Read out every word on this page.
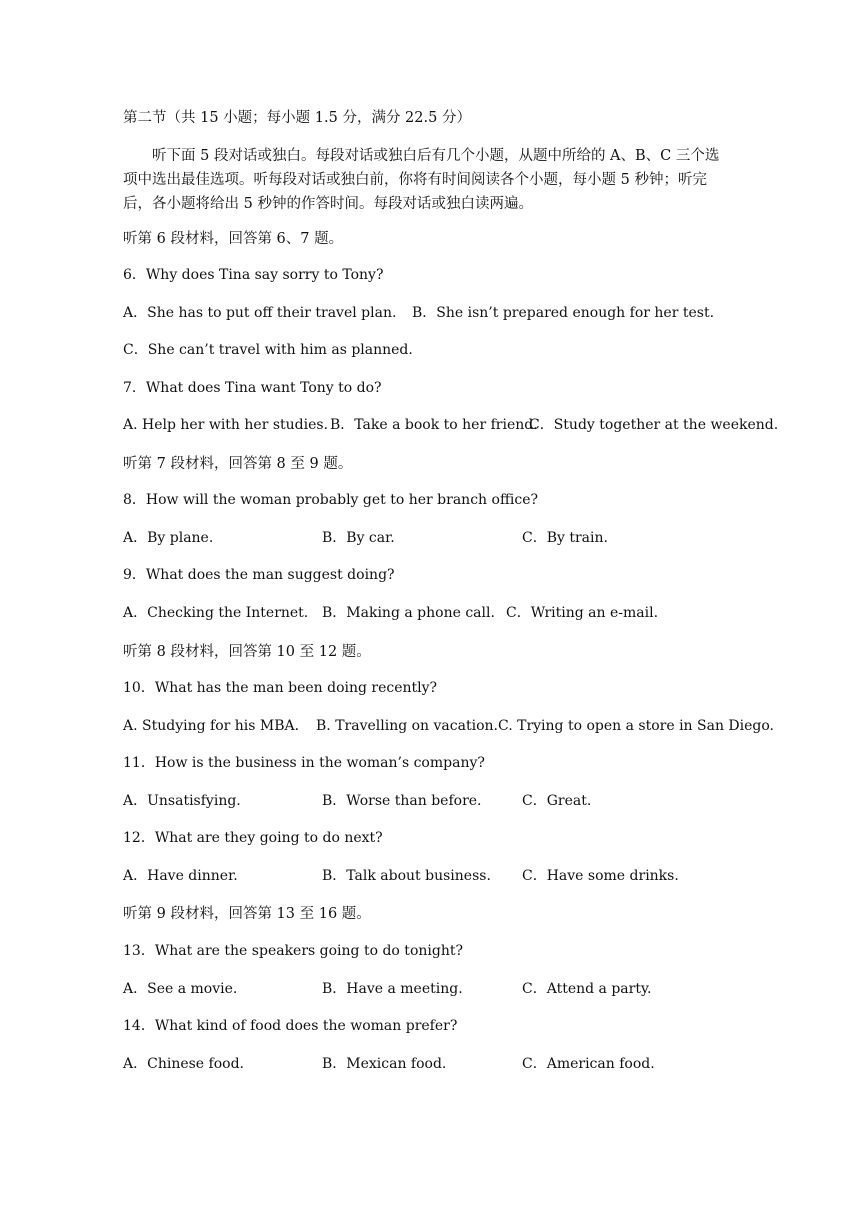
第二节（共 15 小题；每小题 1.5 分，满分 22.5 分）
听下面 5 段对话或独白。每段对话或独白后有几个小题，从题中所给的 A、B、C 三个选
项中选出最佳选项。听每段对话或独白前，你将有时间阅读各个小题，每小题 5 秒钟；听完
后，各小题将给出 5 秒钟的作答时间。每段对话或独白读两遍。
听第 6 段材料，回答第 6、7 题。
6．Why does Tina say sorry to Tony?
A．She has to put off their travel plan. B．She isn’t prepared enough for her test.
C．She can’t travel with him as planned.
7．What does Tina want Tony to do?
A. Help her with her studies. B．Take a book to her friend.
C．Study together at the weekend.
听第 7 段材料，回答第 8 至 9 题。
8．How will the woman probably get to her branch office?
A．By plane.	B．By car.	C．By train.
9．What does the man suggest doing?
A．Checking the Internet. B．Making a phone call. C．Writing an e-mail.
听第 8 段材料，回答第 10 至 12 题。
10．What has the man been doing recently?
A. Studying for his MBA． B. Travelling on vacation. C. Trying to open a store in San Diego.
11．How is the business in the woman’s company?
A．Unsatisfying.	B．Worse than before.	C．Great.
12．What are they going to do next?
A．Have dinner.	B．Talk about business. C．Have some drinks.
听第 9 段材料，回答第 13 至 16 题。
13．What are the speakers going to do tonight?
A．See a movie.	B．Have a meeting.	C．Attend a party.
14．What kind of food does the woman prefer?
A．Chinese food.	B．Mexican food.	C．American food.
